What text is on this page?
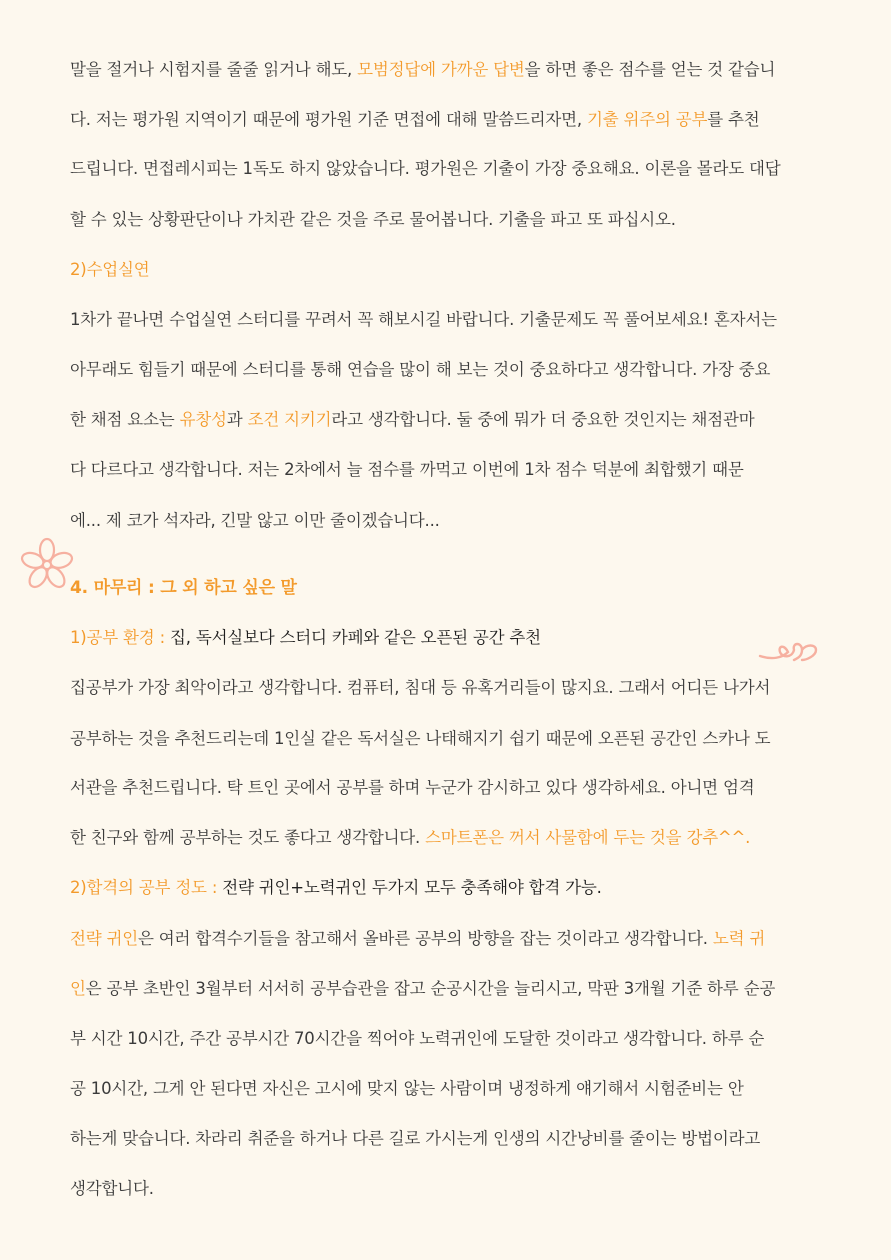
말을 절거나 시험지를 줄줄 읽거나 해도, 모범정답에 가까운 답변을 하면 좋은 점수를 얻는 것 같습니
다. 저는 평가원 지역이기 때문에 평가원 기준 면접에 대해 말씀드리자면, 기출 위주의 공부를 추천
드립니다. 면접레시피는 1독도 하지 않았습니다. 평가원은 기출이 가장 중요해요. 이론을 몰라도 대답
할 수 있는 상황판단이나 가치관 같은 것을 주로 물어봅니다. 기출을 파고 또 파십시오.
2)수업실연
1차가 끝나면 수업실연 스터디를 꾸려서 꼭 해보시길 바랍니다. 기출문제도 꼭 풀어보세요! 혼자서는
아무래도 힘들기 때문에 스터디를 통해 연습을 많이 해 보는 것이 중요하다고 생각합니다. 가장 중요
한 채점 요소는 유창성과 조건 지키기라고 생각합니다. 둘 중에 뭐가 더 중요한 것인지는 채점관마
다 다르다고 생각합니다. 저는 2차에서 늘 점수를 까먹고 이번에 1차 점수 덕분에 최합했기 때문
에... 제 코가 석자라, 긴말 않고 이만 줄이겠습니다...
4. 마무리 : 그 외 하고 싶은 말
1)공부 환경 : 집, 독서실보다 스터디 카페와 같은 오픈된 공간 추천
집공부가 가장 최악이라고 생각합니다. 컴퓨터, 침대 등 유혹거리들이 많지요. 그래서 어디든 나가서
공부하는 것을 추천드리는데 1인실 같은 독서실은 나태해지기 쉽기 때문에 오픈된 공간인 스카나 도
서관을 추천드립니다. 탁 트인 곳에서 공부를 하며 누군가 감시하고 있다 생각하세요. 아니면 엄격
한 친구와 함께 공부하는 것도 좋다고 생각합니다. 스마트폰은 꺼서 사물함에 두는 것을 강추^^.
2)합격의 공부 정도 : 전략 귀인+노력귀인 두가지 모두 충족해야 합격 가능.
전략 귀인은 여러 합격수기들을 참고해서 올바른 공부의 방향을 잡는 것이라고 생각합니다. 노력 귀
인은 공부 초반인 3월부터 서서히 공부습관을 잡고 순공시간을 늘리시고, 막판 3개월 기준 하루 순공
부 시간 10시간, 주간 공부시간 70시간을 찍어야 노력귀인에 도달한 것이라고 생각합니다. 하루 순
공 10시간, 그게 안 된다면 자신은 고시에 맞지 않는 사람이며 냉정하게 얘기해서 시험준비는 안
하는게 맞습니다. 차라리 취준을 하거나 다른 길로 가시는게 인생의 시간낭비를 줄이는 방법이라고
생각합니다.
